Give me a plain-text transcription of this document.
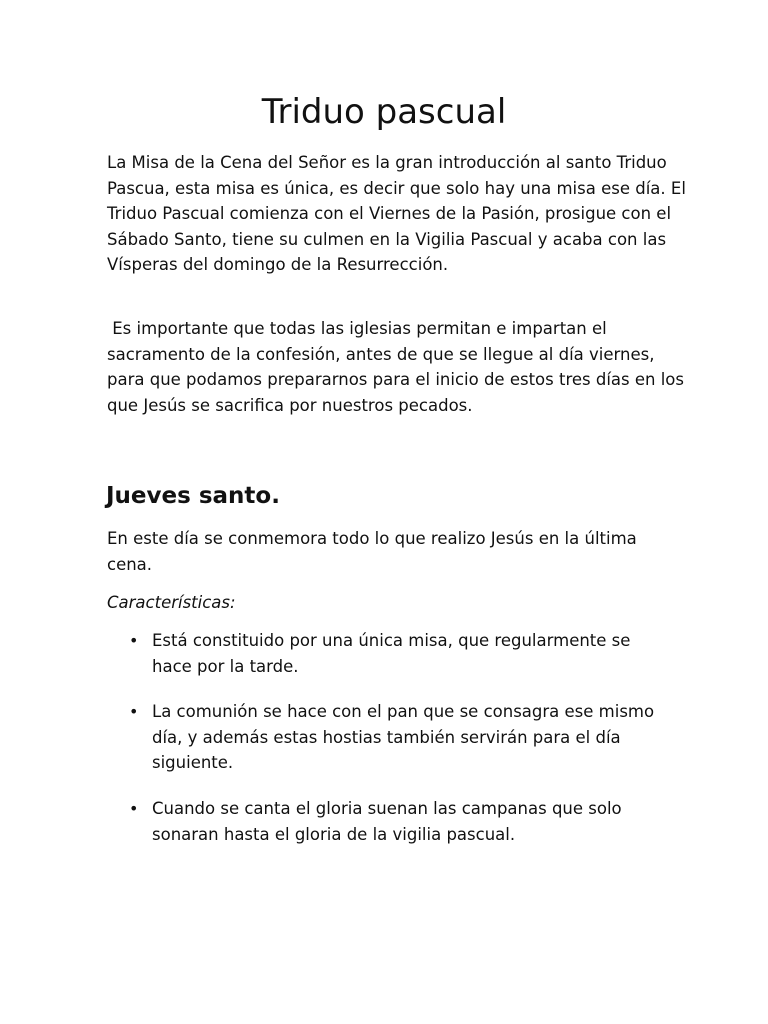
Triduo pascual

La Misa de la Cena del Señor es la gran introducción al santo Triduo Pascua, esta misa es única, es decir que solo hay una misa ese día. El Triduo Pascual comienza con el Viernes de la Pasión, prosigue con el Sábado Santo, tiene su culmen en la Vigilia Pascual y acaba con las Vísperas del domingo de la Resurrección.

Es importante que todas las iglesias permitan e impartan el sacramento de la confesión, antes de que se llegue al día viernes, para que podamos prepararnos para el inicio de estos tres días en los que Jesús se sacrifica por nuestros pecados.

Jueves santo.

En este día se conmemora todo lo que realizo Jesús en la última cena.

Características:

• Está constituido por una única misa, que regularmente se hace por la tarde.
• La comunión se hace con el pan que se consagra ese mismo día, y además estas hostias también servirán para el día siguiente.
• Cuando se canta el gloria suenan las campanas que solo sonaran hasta el gloria de la vigilia pascual.
